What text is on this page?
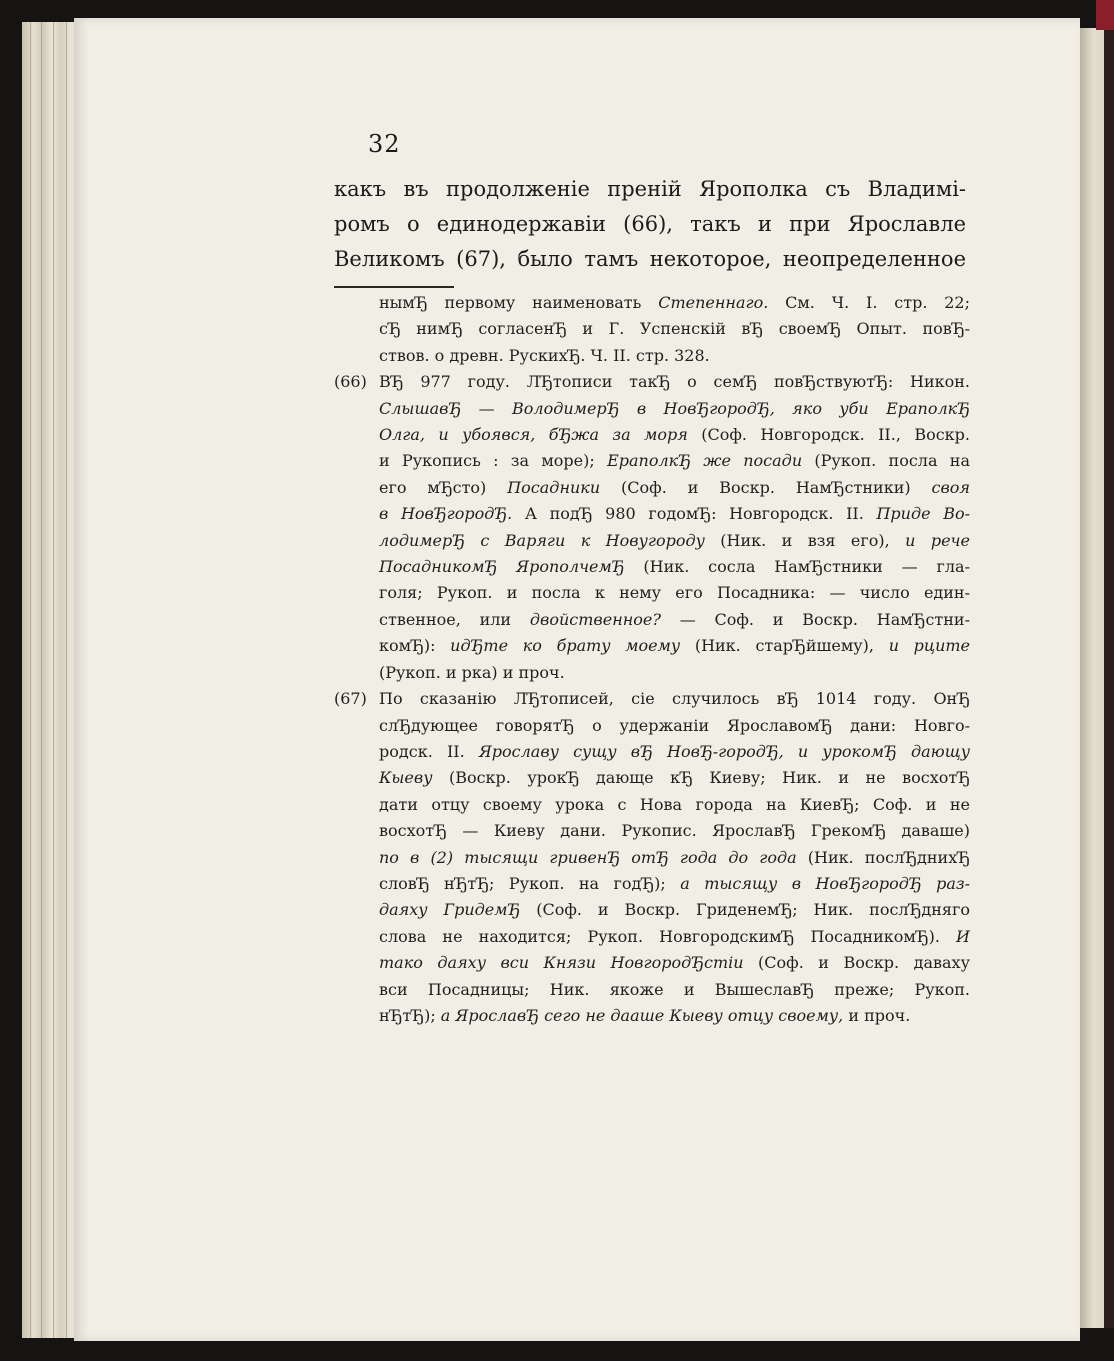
32
какъ въ продолженіе преній Ярополка съ Владимі-
ромъ о единодержавіи (66), такъ и при Ярославле
Великомъ (67), было тамъ некоторое, неопределенное
нымЂ первому наименовать Степеннаго. См. Ч. I. стр. 22;
сЂ нимЂ согласенЂ и Г. Успенскій вЂ своемЂ Опыт. повЂ-
ствов. о древн. РускихЂ. Ч. II. стр. 328.
(66) ВЂ 977 году. ЛЂтописи такЂ о семЂ повЂствуютЂ: Никон.
СлышавЂ — ВолодимерЂ в НовЂгородЂ, яко уби ЕраполкЂ
Олга, и убоявся, бЂжа за моря (Соф. Новгородск. II., Воскр.
и Рукопись : за море); ЕраполкЂ же посади (Рукоп. посла на
его мЂсто) Посадники (Соф. и Воскр. НамЂстники) своя
в НовЂгородЂ. А подЂ 980 годомЂ: Новгородск. II. Приде Во-
лодимерЂ с Варяги к Новугороду (Ник. и взя его), и рече
ПосадникомЂ ЯрополчемЂ (Ник. сосла НамЂстники — гла-
голя; Рукоп. и посла к нему его Посадника: — число един-
ственное, или двойственное? — Соф. и Воскр. НамЂстни-
комЂ): идЂте ко брату моему (Ник. старЂйшему), и рците
(Рукоп. и рка) и проч.
(67) По сказанію ЛЂтописей, сіе случилось вЂ 1014 году. ОнЂ
слЂдующее говорятЂ о удержаніи ЯрославомЂ дани: Новго-
родск. II. Ярославу сущу вЂ НовЂ-городЂ, и урокомЂ дающу
Кыеву (Воскр. урокЂ дающе кЂ Киеву; Ник. и не восхотЂ
дати отцу своему урока с Нова города на КиевЂ; Соф. и не
восхотЂ — Киеву дани. Рукопис. ЯрославЂ ГрекомЂ даваше)
по в (2) тысящи гривенЂ отЂ года до года (Ник. послЂднихЂ
словЂ нЂтЂ; Рукоп. на годЂ); а тысящу в НовЂгородЂ раз-
даяху ГридемЂ (Соф. и Воскр. ГриденемЂ; Ник. послЂдняго
слова не находится; Рукоп. НовгородскимЂ ПосадникомЂ). И
тако даяху вси Князи НовгородЂстіи (Соф. и Воскр. даваху
вси Посадницы; Ник. якоже и ВышеславЂ преже; Рукоп.
нЂтЂ); а ЯрославЂ сего не дааше Кыеву отцу своему, и проч.
